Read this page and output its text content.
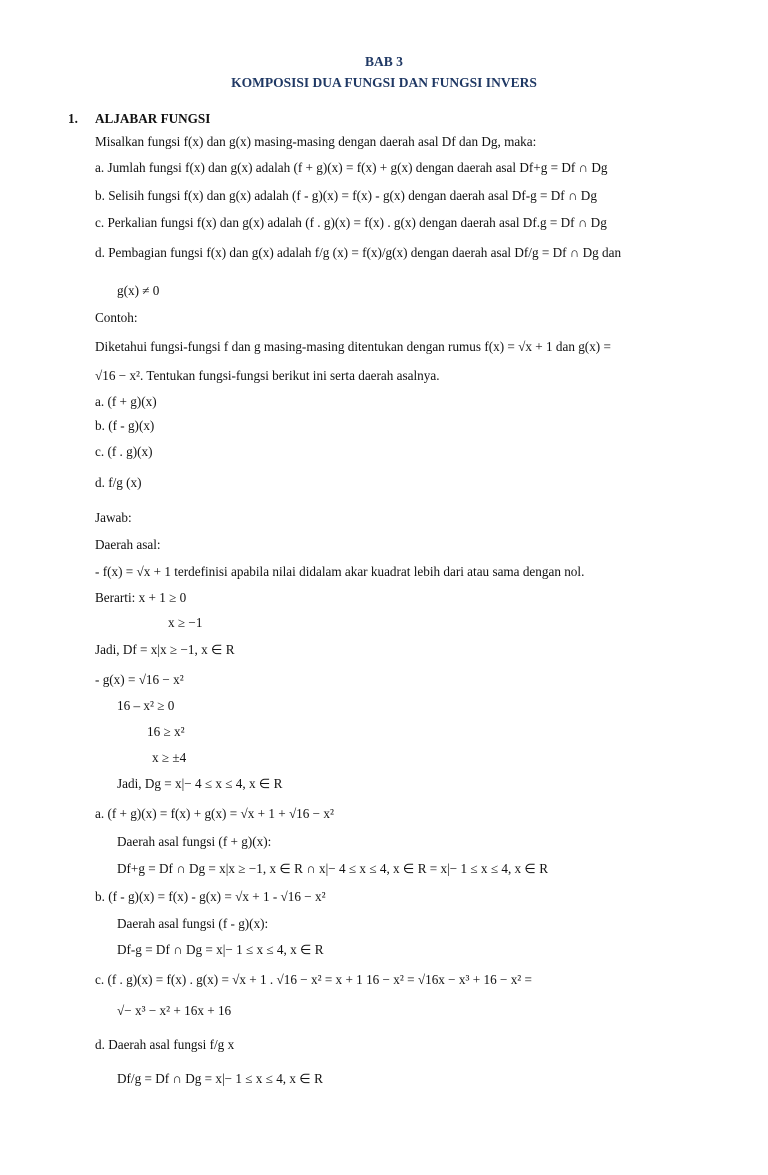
BAB 3
KOMPOSISI DUA FUNGSI DAN FUNGSI INVERS
1. ALJABAR FUNGSI
Misalkan fungsi f(x) dan g(x) masing-masing dengan daerah asal Df dan Dg, maka:
a. Jumlah fungsi f(x) dan g(x) adalah (f + g)(x) = f(x) + g(x) dengan daerah asal Df+g = Df ∩ Dg
b. Selisih fungsi f(x) dan g(x) adalah (f - g)(x) = f(x) - g(x) dengan daerah asal Df-g = Df ∩ Dg
c. Perkalian fungsi f(x) dan g(x) adalah (f . g)(x) = f(x) . g(x) dengan daerah asal Df.g = Df ∩ Dg
d. Pembagian fungsi f(x) dan g(x) adalah f/g (x) = f(x)/g(x) dengan daerah asal Df/g = Df ∩ Dg dan
g(x) ≠ 0
Contoh:
Diketahui fungsi-fungsi f dan g masing-masing ditentukan dengan rumus f(x) = √x + 1 dan g(x) =
√16 − x². Tentukan fungsi-fungsi berikut ini serta daerah asalnya.
a. (f + g)(x)
b. (f - g)(x)
c. (f . g)(x)
d. f/g (x)
Jawab:
Daerah asal:
- f(x) = √x + 1 terdefinisi apabila nilai didalam akar kuadrat lebih dari atau sama dengan nol.
Berarti: x + 1 ≥ 0
x ≥ −1
Jadi, Df = x|x ≥ −1, x ∈ R
- g(x) = √16 − x²
16 – x² ≥ 0
16 ≥ x²
x ≥ ±4
Jadi, Dg = x|− 4 ≤ x ≤ 4, x ∈ R
a. (f + g)(x) = f(x) + g(x) = √x + 1 + √16 − x²
Daerah asal fungsi (f + g)(x):
Df+g = Df ∩ Dg = x|x ≥ −1, x ∈ R ∩ x|− 4 ≤ x ≤ 4, x ∈ R = x|− 1 ≤ x ≤ 4, x ∈ R
b. (f - g)(x) = f(x) - g(x) = √x + 1 - √16 − x²
Daerah asal fungsi (f - g)(x):
Df-g = Df ∩ Dg = x|− 1 ≤ x ≤ 4, x ∈ R
c. (f . g)(x) = f(x) . g(x) = √x + 1 . √16 − x² = x + 1 16 − x² = √16x − x³ + 16 − x² =
√− x³ − x² + 16x + 16
d. Daerah asal fungsi f/g x
Df/g = Df ∩ Dg = x|− 1 ≤ x ≤ 4, x ∈ R
